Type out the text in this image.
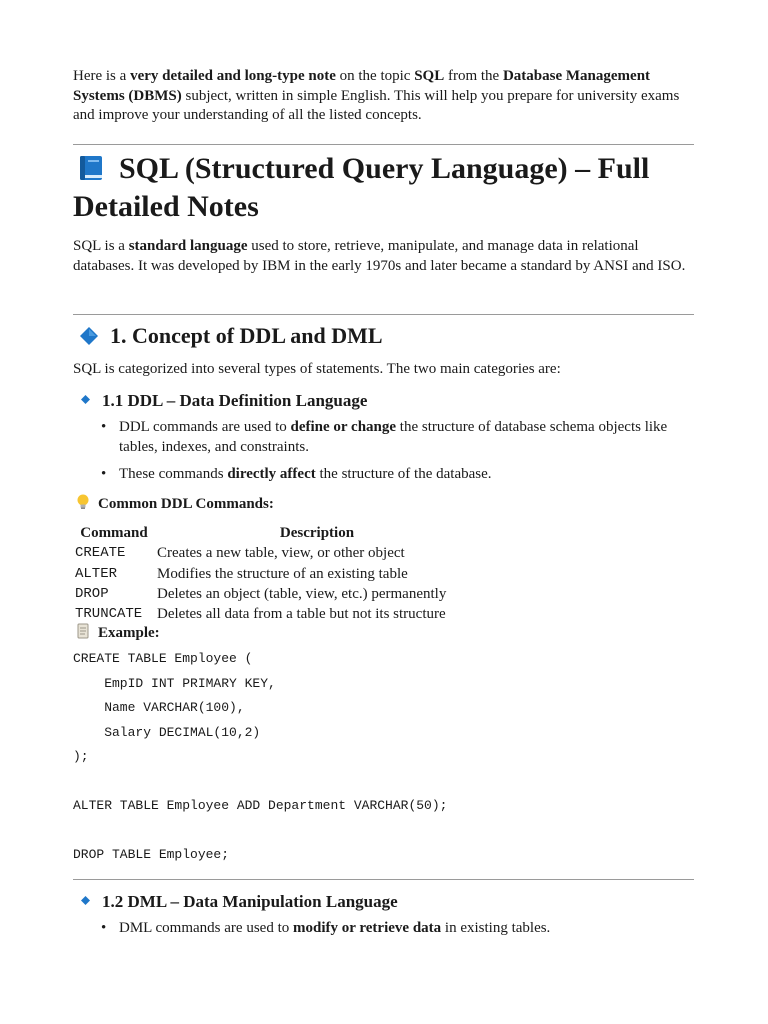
Here is a very detailed and long-type note on the topic SQL from the Database Management Systems (DBMS) subject, written in simple English. This will help you prepare for university exams and improve your understanding of all the listed concepts.

SQL (Structured Query Language) – Full Detailed Notes

SQL is a standard language used to store, retrieve, manipulate, and manage data in relational databases. It was developed by IBM in the early 1970s and later became a standard by ANSI and ISO.

1. Concept of DDL and DML

SQL is categorized into several types of statements. The two main categories are:

1.1 DDL – Data Definition Language
• DDL commands are used to define or change the structure of database schema objects like tables, indexes, and constraints.
• These commands directly affect the structure of the database.
Common DDL Commands:
Command	Description
CREATE	Creates a new table, view, or other object
ALTER	Modifies the structure of an existing table
DROP	Deletes an object (table, view, etc.) permanently
TRUNCATE	Deletes all data from a table but not its structure
Example:
CREATE TABLE Employee (
EmpID INT PRIMARY KEY,
Name VARCHAR(100),
Salary DECIMAL(10,2)
);

ALTER TABLE Employee ADD Department VARCHAR(50);

DROP TABLE Employee;
1.2 DML – Data Manipulation Language
• DML commands are used to modify or retrieve data in existing tables.
